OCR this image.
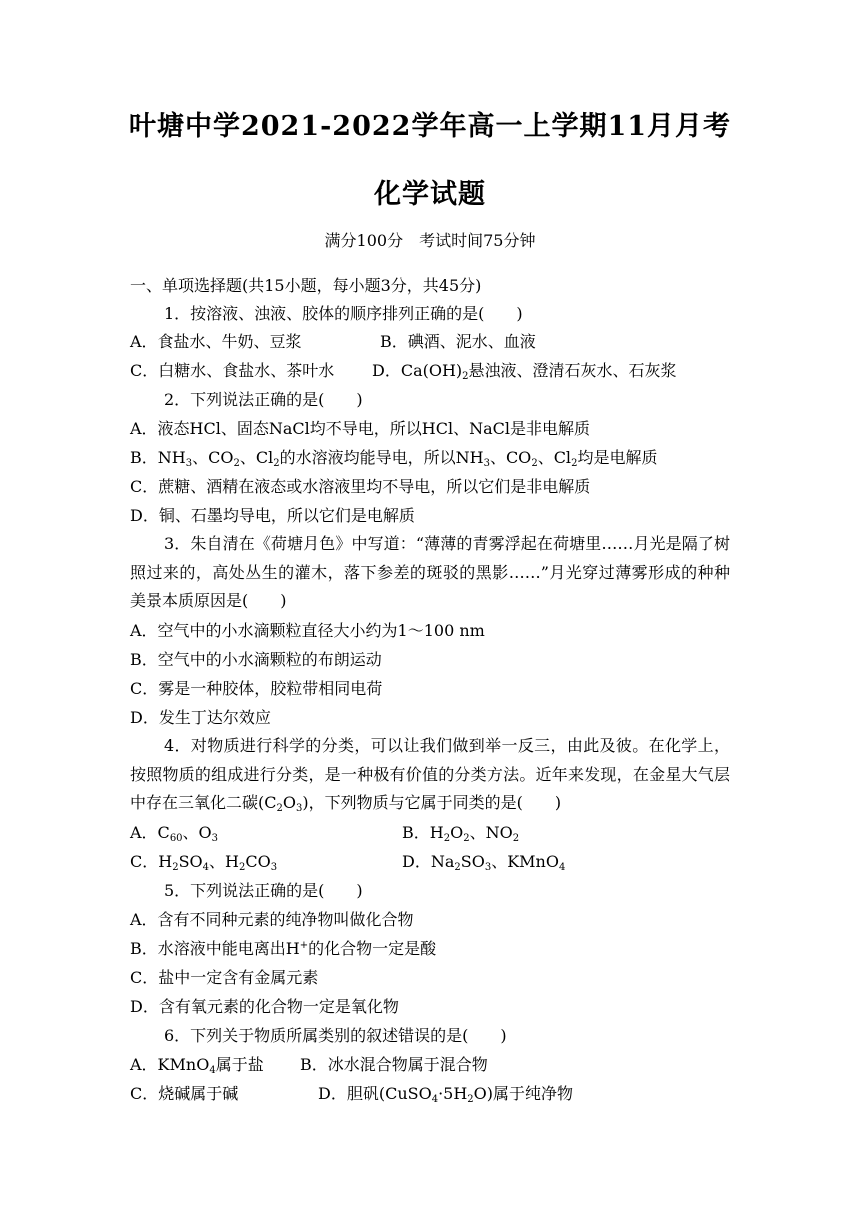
叶塘中学2021-2022学年高一上学期11月月考
化学试题
满分100分　考试时间75分钟
一、单项选择题(共15小题，每小题3分，共45分)
1．按溶液、浊液、胶体的顺序排列正确的是(　　)
A．食盐水、牛奶、豆浆	B．碘酒、泥水、血液
C．白糖水、食盐水、茶叶水 D．$Ca(OH)_2$悬浊液、澄清石灰水、石灰浆
2．下列说法正确的是(　　)
A．液态HCl、固态NaCl均不导电，所以HCl、NaCl是非电解质
B．$NH_3$、$CO_2$、$Cl_2$的水溶液均能导电，所以$NH_3$、$CO_2$、$Cl_2$均是电解质
C．蔗糖、酒精在液态或水溶液里均不导电，所以它们是非电解质
D．铜、石墨均导电，所以它们是电解质
3．朱自清在《荷塘月色》中写道：“薄薄的青雾浮起在荷塘里……月光是隔了树照过来的，高处丛生的灌木，落下参差的斑驳的黑影……”月光穿过薄雾形成的种种美景本质原因是(　　)
A．空气中的小水滴颗粒直径大小约为1～100 nm
B．空气中的小水滴颗粒的布朗运动
C．雾是一种胶体，胶粒带相同电荷
D．发生丁达尔效应
4．对物质进行科学的分类，可以让我们做到举一反三，由此及彼。在化学上，按照物质的组成进行分类，是一种极有价值的分类方法。近年来发现，在金星大气层中存在三氧化二碳$(C_2O_3)$，下列物质与它属于同类的是(　　)
A．$C_{60}$、$O_3$	B．$H_2O_2$、$NO_2$
C．$H_2SO_4$、$H_2CO_3$	D．$Na_2SO_3$、KMnO$_4$
5．下列说法正确的是(　　)
A．含有不同种元素的纯净物叫做化合物
B．水溶液中能电离出H+的化合物一定是酸
C．盐中一定含有金属元素
D．含有氧元素的化合物一定是氧化物
6．下列关于物质所属类别的叙述错误的是(　　)
A．KMnO$_4$属于盐 B．冰水混合物属于混合物
C．烧碱属于碱	D．胆矾$(CuSO_4\cdot 5H_2O)$属于纯净物
